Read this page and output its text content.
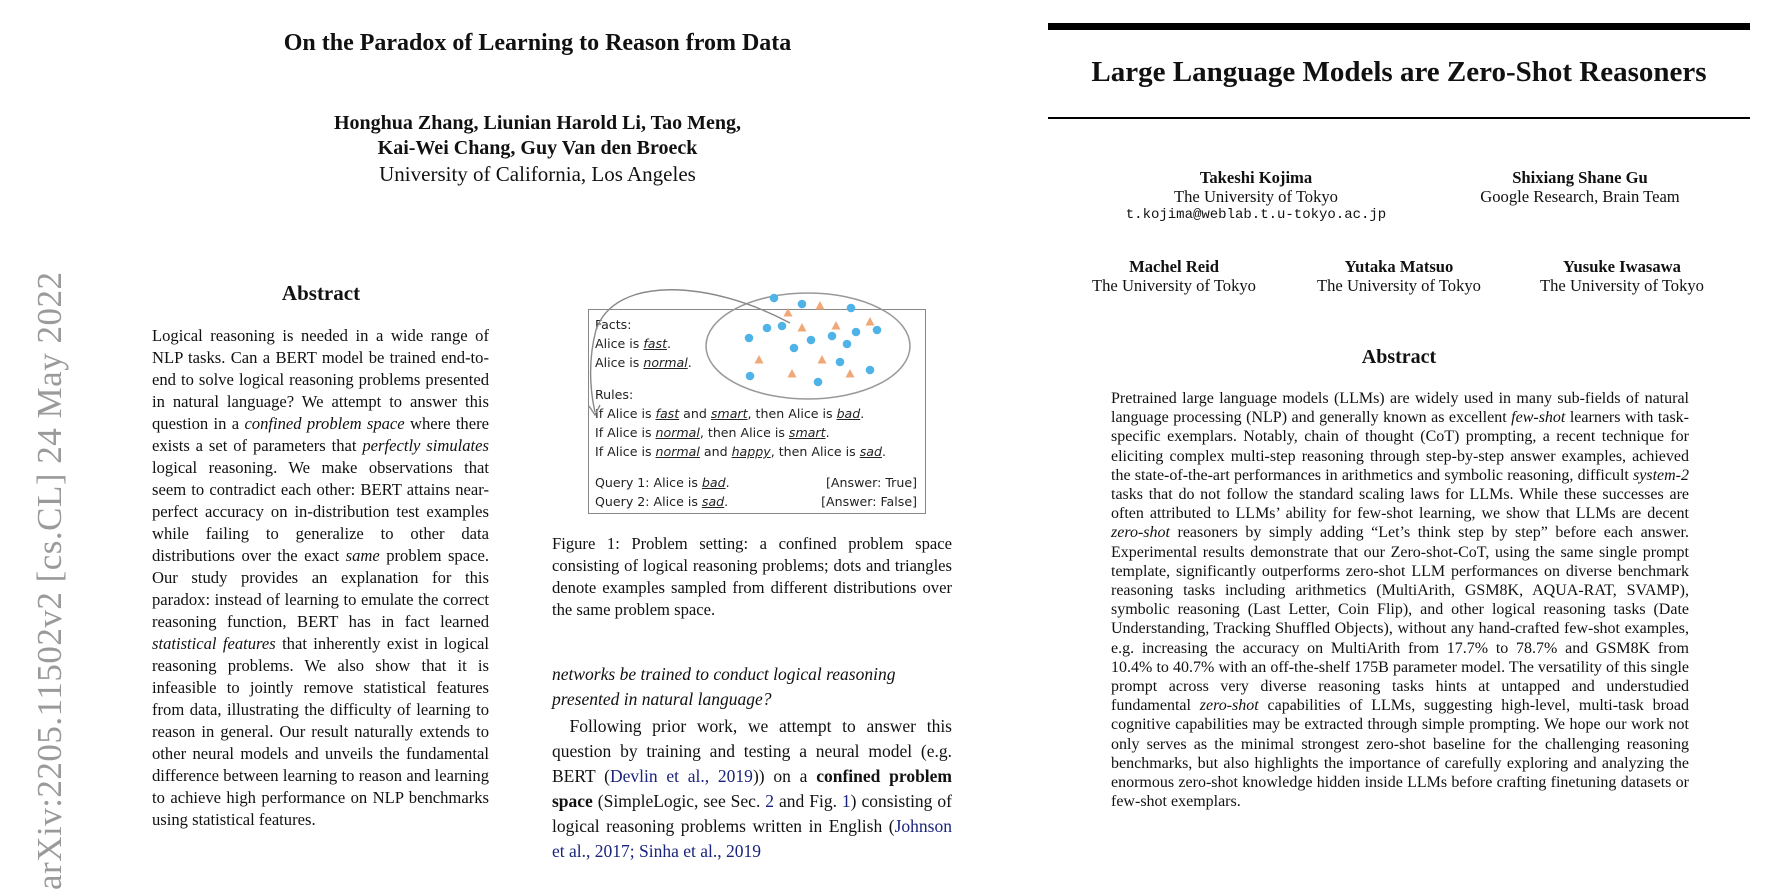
arXiv:2205.11502v2 [cs.CL] 24 May 2022
On the Paradox of Learning to Reason from Data
Honghua Zhang, Liunian Harold Li, Tao Meng,
Kai-Wei Chang, Guy Van den Broeck
University of California, Los Angeles
Abstract
Logical reasoning is needed in a wide range of NLP tasks. Can a BERT model be trained end-to-end to solve logical reasoning problems presented in natural language? We attempt to answer this question in a confined problem space where there exists a set of parameters that perfectly simulates logical reasoning. We make observations that seem to contradict each other: BERT attains near-perfect accuracy on in-distribution test examples while failing to generalize to other data distributions over the exact same problem space. Our study provides an explanation for this paradox: instead of learning to emulate the correct reasoning function, BERT has in fact learned statistical features that inherently exist in logical reasoning problems. We also show that it is infeasible to jointly remove statistical features from data, illustrating the difficulty of learning to reason in general. Our result naturally extends to other neural models and unveils the fundamental difference between learning to reason and learning to achieve high performance on NLP benchmarks using statistical features.
Facts:
Alice is fast.
Alice is normal.
Rules:
If Alice is fast and smart, then Alice is bad.
If Alice is normal, then Alice is smart.
If Alice is normal and happy, then Alice is sad.
Query 1: Alice is bad.	[Answer: True]
Query 2: Alice is sad.	[Answer: False]
Figure 1: Problem setting: a confined problem space consisting of logical reasoning problems; dots and triangles denote examples sampled from different distributions over the same problem space.
networks be trained to conduct logical reasoning presented in natural language?
 Following prior work, we attempt to answer this question by training and testing a neural model (e.g. BERT (Devlin et al., 2019)) on a confined problem space (SimpleLogic, see Sec. 2 and Fig. 1) consisting of logical reasoning problems written in English (Johnson et al., 2017; Sinha et al., 2019
Large Language Models are Zero-Shot Reasoners
Takeshi Kojima
The University of Tokyo
t.kojima@weblab.t.u-tokyo.ac.jp
Shixiang Shane Gu
Google Research, Brain Team
Machel Reid
The University of Tokyo
Yutaka Matsuo
The University of Tokyo
Yusuke Iwasawa
The University of Tokyo
Abstract
Pretrained large language models (LLMs) are widely used in many sub-fields of natural language processing (NLP) and generally known as excellent few-shot learners with task-specific exemplars. Notably, chain of thought (CoT) prompting, a recent technique for eliciting complex multi-step reasoning through step-by-step answer examples, achieved the state-of-the-art performances in arithmetics and symbolic reasoning, difficult system-2 tasks that do not follow the standard scaling laws for LLMs. While these successes are often attributed to LLMs’ ability for few-shot learning, we show that LLMs are decent zero-shot reasoners by simply adding “Let’s think step by step” before each answer. Experimental results demonstrate that our Zero-shot-CoT, using the same single prompt template, significantly outperforms zero-shot LLM performances on diverse benchmark reasoning tasks including arithmetics (MultiArith, GSM8K, AQUA-RAT, SVAMP), symbolic reasoning (Last Letter, Coin Flip), and other logical reasoning tasks (Date Understanding, Tracking Shuffled Objects), without any hand-crafted few-shot examples, e.g. increasing the accuracy on MultiArith from 17.7% to 78.7% and GSM8K from 10.4% to 40.7% with an off-the-shelf 175B parameter model. The versatility of this single prompt across very diverse reasoning tasks hints at untapped and understudied fundamental zero-shot capabilities of LLMs, suggesting high-level, multi-task broad cognitive capabilities may be extracted through simple prompting. We hope our work not only serves as the minimal strongest zero-shot baseline for the challenging reasoning benchmarks, but also highlights the importance of carefully exploring and analyzing the enormous zero-shot knowledge hidden inside LLMs before crafting finetuning datasets or few-shot exemplars.
